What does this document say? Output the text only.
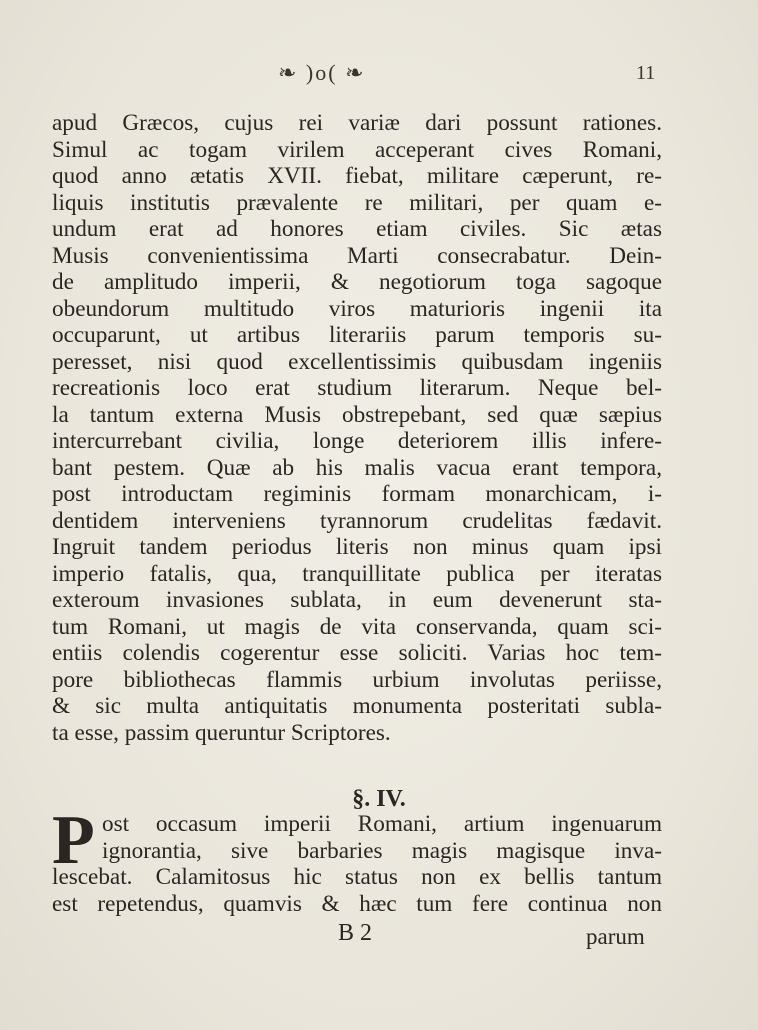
❧ )o( ❧	11
apud Græcos, cujus rei variæ dari possunt rationes.
Simul ac togam virilem acceperant cives Romani,
quod anno ætatis XVII. fiebat, militare cæperunt, re-
liquis institutis prævalente re militari, per quam e-
undum erat ad honores etiam civiles. Sic ætas
Musis convenientissima Marti consecrabatur. Dein-
de amplitudo imperii, & negotiorum toga sagoque
obeundorum multitudo viros maturioris ingenii ita
occuparunt, ut artibus literariis parum temporis su-
peresset, nisi quod excellentissimis quibusdam ingeniis
recreationis loco erat studium literarum. Neque bel-
la tantum externa Musis obstrepebant, sed quæ sæpius
intercurrebant civilia, longe deteriorem illis infere-
bant pestem. Quæ ab his malis vacua erant tempora,
post introductam regiminis formam monarchicam, i-
dentidem interveniens tyrannorum crudelitas fædavit.
Ingruit tandem periodus literis non minus quam ipsi
imperio fatalis, qua, tranquillitate publica per iteratas
exteroum invasiones sublata, in eum devenerunt sta-
tum Romani, ut magis de vita conservanda, quam sci-
entiis colendis cogerentur esse soliciti. Varias hoc tem-
pore bibliothecas flammis urbium involutas periisse,
& sic multa antiquitatis monumenta posteritati subla-
ta esse, passim queruntur Scriptores.
§. IV.
P ost occasum imperii Romani, artium ingenuarum
ignorantia, sive barbaries magis magisque inva-
lescebat. Calamitosus hic status non ex bellis tantum
est repetendus, quamvis & hæc tum fere continua non
B 2	parum
